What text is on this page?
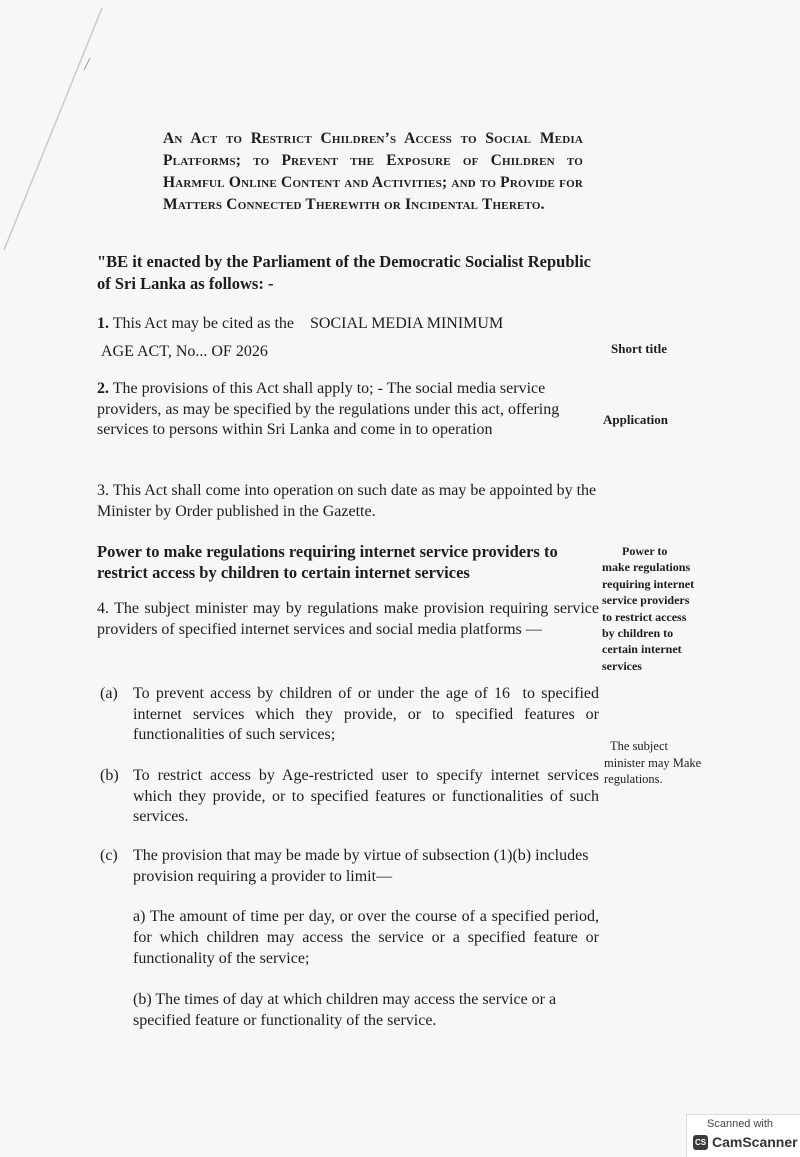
An Act to Restrict Children’s Access to Social Media Platforms; to Prevent the Exposure of Children to Harmful Online Content and Activities; and to Provide for Matters Connected Therewith or Incidental Thereto.
"BE it enacted by the Parliament of the Democratic Socialist Republic of Sri Lanka as follows: -
1. This Act may be cited as the    SOCIAL MEDIA MINIMUM
AGE ACT, No... OF 2026	Short title
2. The provisions of this Act shall apply to; - The social media service providers, as may be specified by the regulations under this act, offering services to persons within Sri Lanka and come in to operation
Application
3. This Act shall come into operation on such date as may be appointed by the Minister by Order published in the Gazette.
Power to make regulations requiring internet service providers to restrict access by children to certain internet services
Power to
make regulations requiring internet service providers to restrict access by children to certain internet services
4. The subject minister may by regulations make provision requiring service providers of specified internet services and social media platforms —
(a) To prevent access by children of or under the age of 16  to specified internet services which they provide, or to specified features or functionalities of such services;
The subject
minister may Make regulations.
(b) To restrict access by Age-restricted user to specify internet services which they provide, or to specified features or functionalities of such services.
(c) The provision that may be made by virtue of subsection (1)(b) includes provision requiring a provider to limit—
a) The amount of time per day, or over the course of a specified period, for which children may access the service or a specified feature or functionality of the service;
(b) The times of day at which children may access the service or a specified feature or functionality of the service.
Scanned with
CS CamScanner
